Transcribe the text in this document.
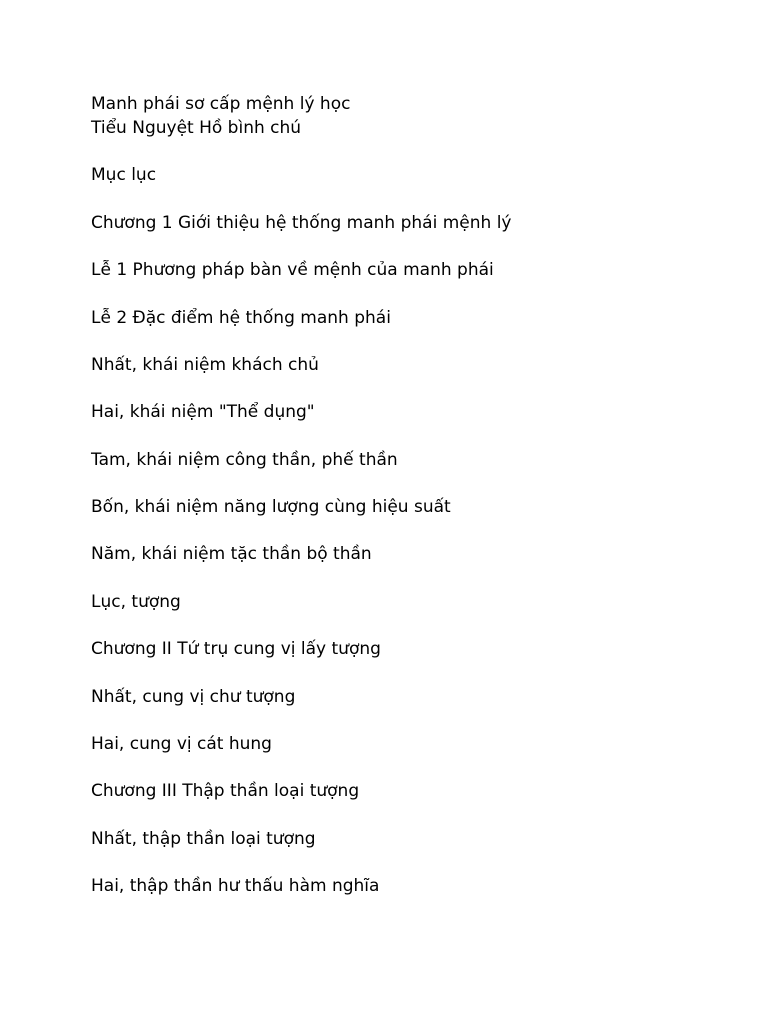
Manh phái sơ cấp mệnh lý học

Tiểu Nguyệt Hồ bình chú

Mục lục

Chương 1 Giới thiệu hệ thống manh phái mệnh lý

Lễ 1 Phương pháp bàn về mệnh của manh phái

Lễ 2 Đặc điểm hệ thống manh phái

Nhất, khái niệm khách chủ

Hai, khái niệm "Thể dụng"

Tam, khái niệm công thần, phế thần

Bốn, khái niệm năng lượng cùng hiệu suất

Năm, khái niệm tặc thần bộ thần

Lục, tượng

Chương II Tứ trụ cung vị lấy tượng

Nhất, cung vị chư tượng

Hai, cung vị cát hung

Chương III Thập thần loại tượng

Nhất, thập thần loại tượng

Hai, thập thần hư thấu hàm nghĩa
